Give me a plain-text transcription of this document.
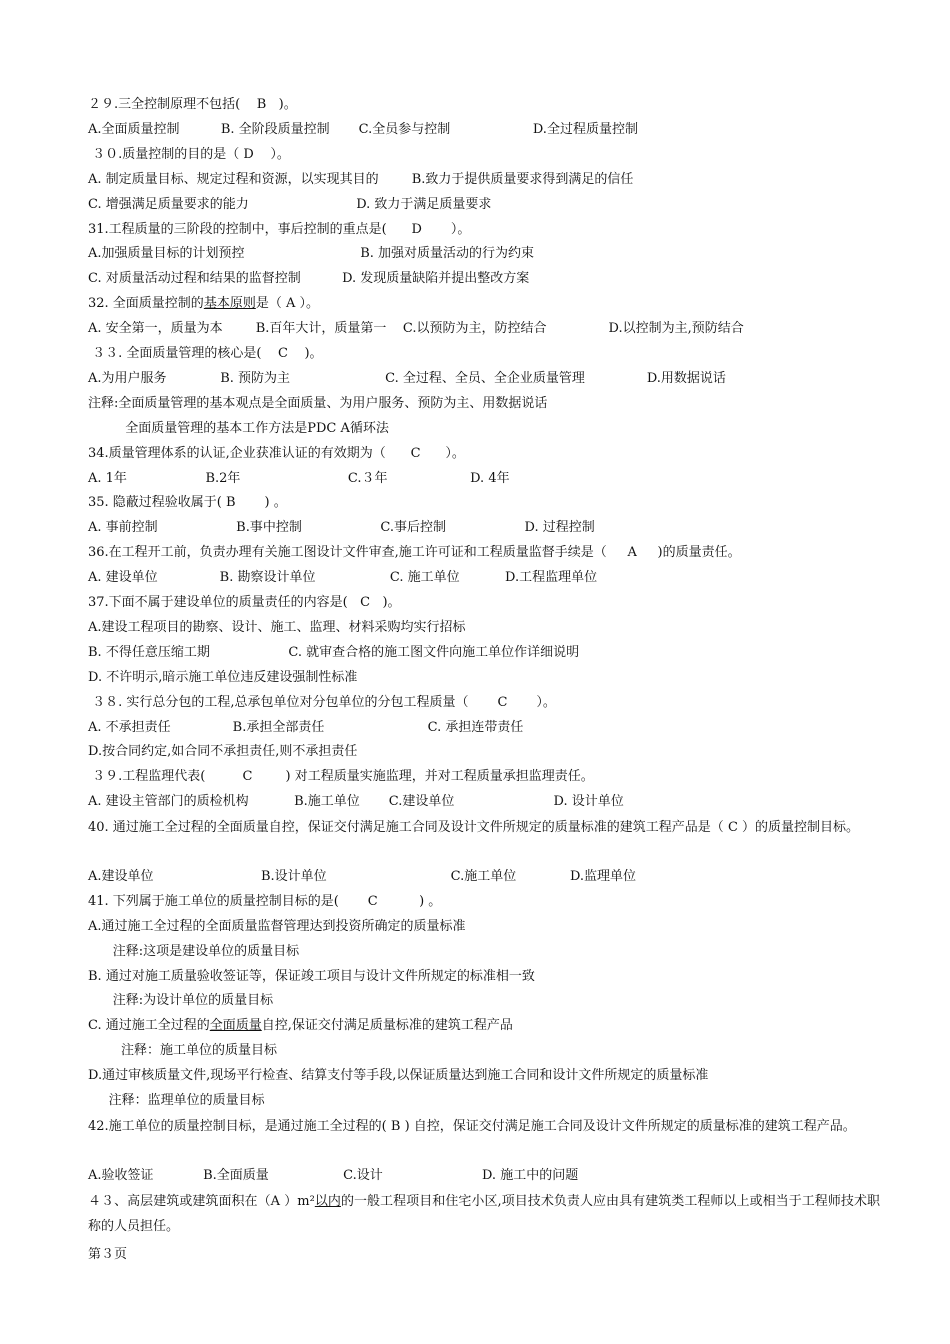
２９.三全控制原理不包括(    B   )。
A.全面质量控制          B. 全阶段质量控制       C.全员参与控制                    D.全过程质量控制
３０.质量控制的目的是（ D    ）。
A. 制定质量目标、规定过程和资源，以实现其目的        B.致力于提供质量要求得到满足的信任
C. 增强满足质量要求的能力                          D. 致力于满足质量要求
31.工程质量的三阶段的控制中，事后控制的重点是(      D       ）。
A.加强质量目标的计划预控                            B. 加强对质量活动的行为约束
C. 对质量活动过程和结果的监督控制          D. 发现质量缺陷并提出整改方案
32. 全面质量控制的基本原则是（ A ）。
A. 安全第一，质量为本        B.百年大计，质量第一    C.以预防为主，防控结合               D.以控制为主,预防结合
３３. 全面质量管理的核心是(    C    )。
A.为用户服务             B. 预防为主                       C. 全过程、全员、全企业质量管理               D.用数据说话
注释:全面质量管理的基本观点是全面质量、为用户服务、预防为主、用数据说话
全面质量管理的基本工作方法是PDC A循环法
34.质量管理体系的认证,企业获准认证的有效期为（      C      ）。
A. 1年                   B.2年                          C.３年                    D. 4年
35. 隐蔽过程验收属于( B       ) 。
A. 事前控制                   B.事中控制                   C.事后控制                   D. 过程控制
36.在工程开工前，负责办理有关施工图设计文件审查,施工许可证和工程质量监督手续是（     A     )的质量责任。
A. 建设单位               B. 勘察设计单位                  C. 施工单位           D.工程监理单位
37.下面不属于建设单位的质量责任的内容是(   C   )。
A.建设工程项目的勘察、设计、施工、监理、材料采购均实行招标
B. 不得任意压缩工期                   C. 就审查合格的施工图文件向施工单位作详细说明
D. 不许明示,暗示施工单位违反建设强制性标准
３８. 实行总分包的工程,总承包单位对分包单位的分包工程质量（       C       ）。
A. 不承担责任               B.承担全部责任                         C. 承担连带责任
D.按合同约定,如合同不承担责任,则不承担责任
３９.工程监理代表(         C        ) 对工程质量实施监理，并对工程质量承担监理责任。
A. 建设主管部门的质检机构           B.施工单位       C.建设单位                        D. 设计单位
40. 通过施工全过程的全面质量自控，保证交付满足施工合同及设计文件所规定的质量标准的建筑工程产品是（ C ）的质量控制目标。
A.建设单位                          B.设计单位                              C.施工单位             D.监理单位
41. 下列属于施工单位的质量控制目标的是(       C          ) 。
A.通过施工全过程的全面质量监督管理达到投资所确定的质量标准
注释:这项是建设单位的质量目标
B. 通过对施工质量验收签证等，保证竣工项目与设计文件所规定的标准相一致
注释:为设计单位的质量目标
C. 通过施工全过程的全面质量自控,保证交付满足质量标准的建筑工程产品
注释：施工单位的质量目标
D.通过审核质量文件,现场平行检查、结算支付等手段,以保证质量达到施工合同和设计文件所规定的质量标准
注释：监理单位的质量目标
42.施工单位的质量控制目标，是通过施工全过程的( B ) 自控，保证交付满足施工合同及设计文件所规定的质量标准的建筑工程产品。
A.验收签证            B.全面质量                  C.设计                        D. 施工中的问题
４３、高层建筑或建筑面积在（A ）m²以内的一般工程项目和住宅小区,项目技术负责人应由具有建筑类工程师以上或相当于工程师技术职称的人员担任。
第３页
